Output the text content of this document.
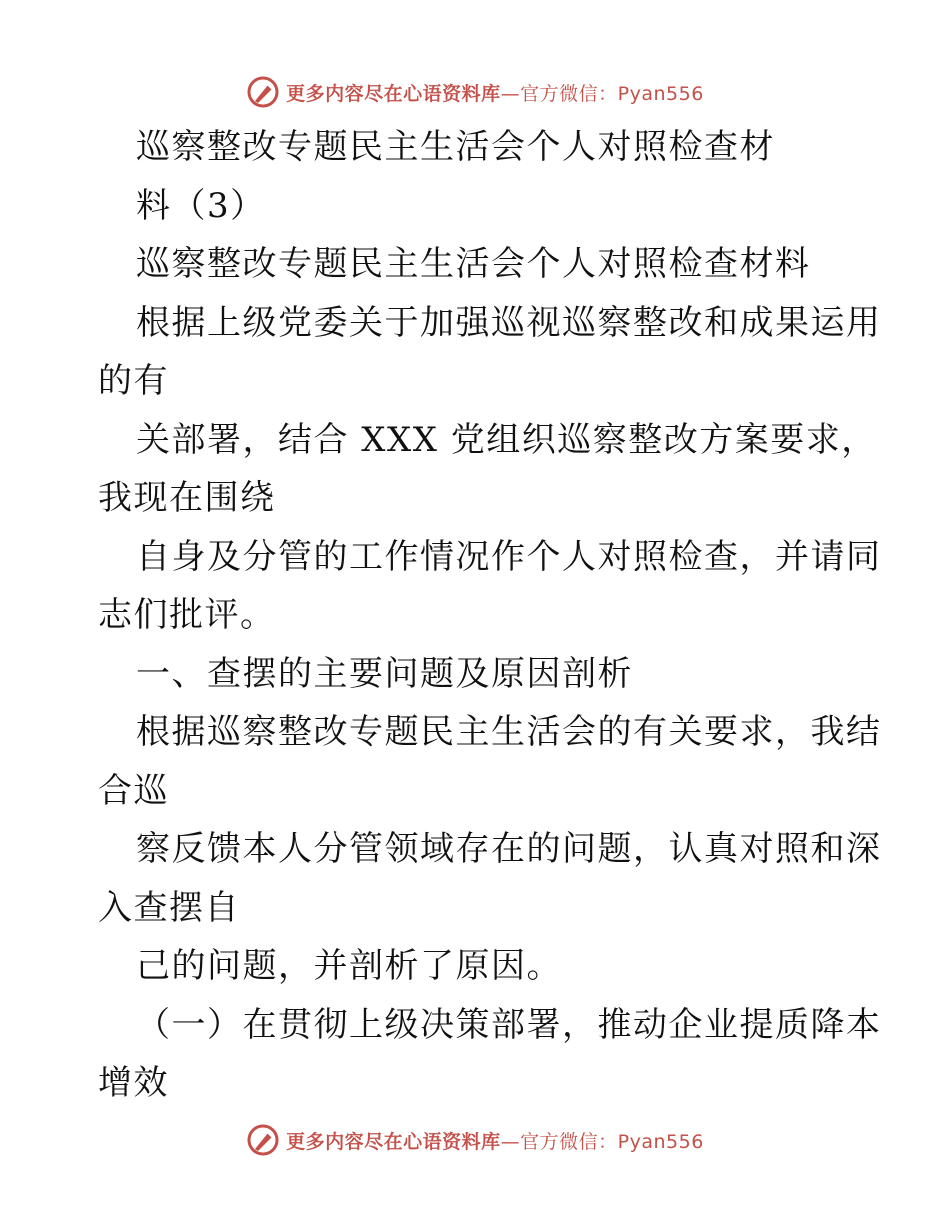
更多内容尽在心语资料库—官方微信：Pyan556
巡察整改专题民主生活会个人对照检查材
料（3）
巡察整改专题民主生活会个人对照检查材料
根据上级党委关于加强巡视巡察整改和成果运用
的有
关部署，结合 XXX 党组织巡察整改方案要求，
我现在围绕
自身及分管的工作情况作个人对照检查，并请同
志们批评。
一、查摆的主要问题及原因剖析
根据巡察整改专题民主生活会的有关要求，我结
合巡
察反馈本人分管领域存在的问题，认真对照和深
入查摆自
己的问题，并剖析了原因。
（一）在贯彻上级决策部署，推动企业提质降本
增效
更多内容尽在心语资料库—官方微信：Pyan556
